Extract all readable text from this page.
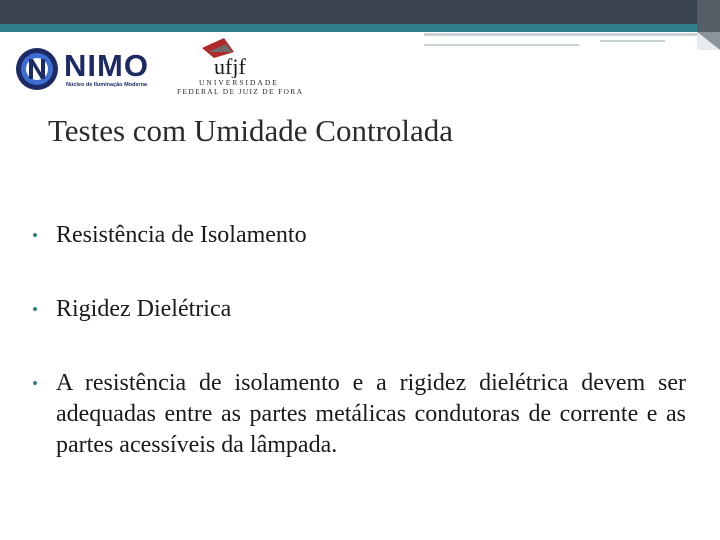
NIMO
Núcleo de Iluminação Moderna
ufjf
UNIVERSIDADE
FEDERAL DE JUIZ DE FORA
Testes com Umidade Controlada
• Resistência de Isolamento
• Rigidez Dielétrica
• A resistência de isolamento e a rigidez dielétrica devem ser adequadas entre as partes metálicas condutoras de corrente e as partes acessíveis da lâmpada.
